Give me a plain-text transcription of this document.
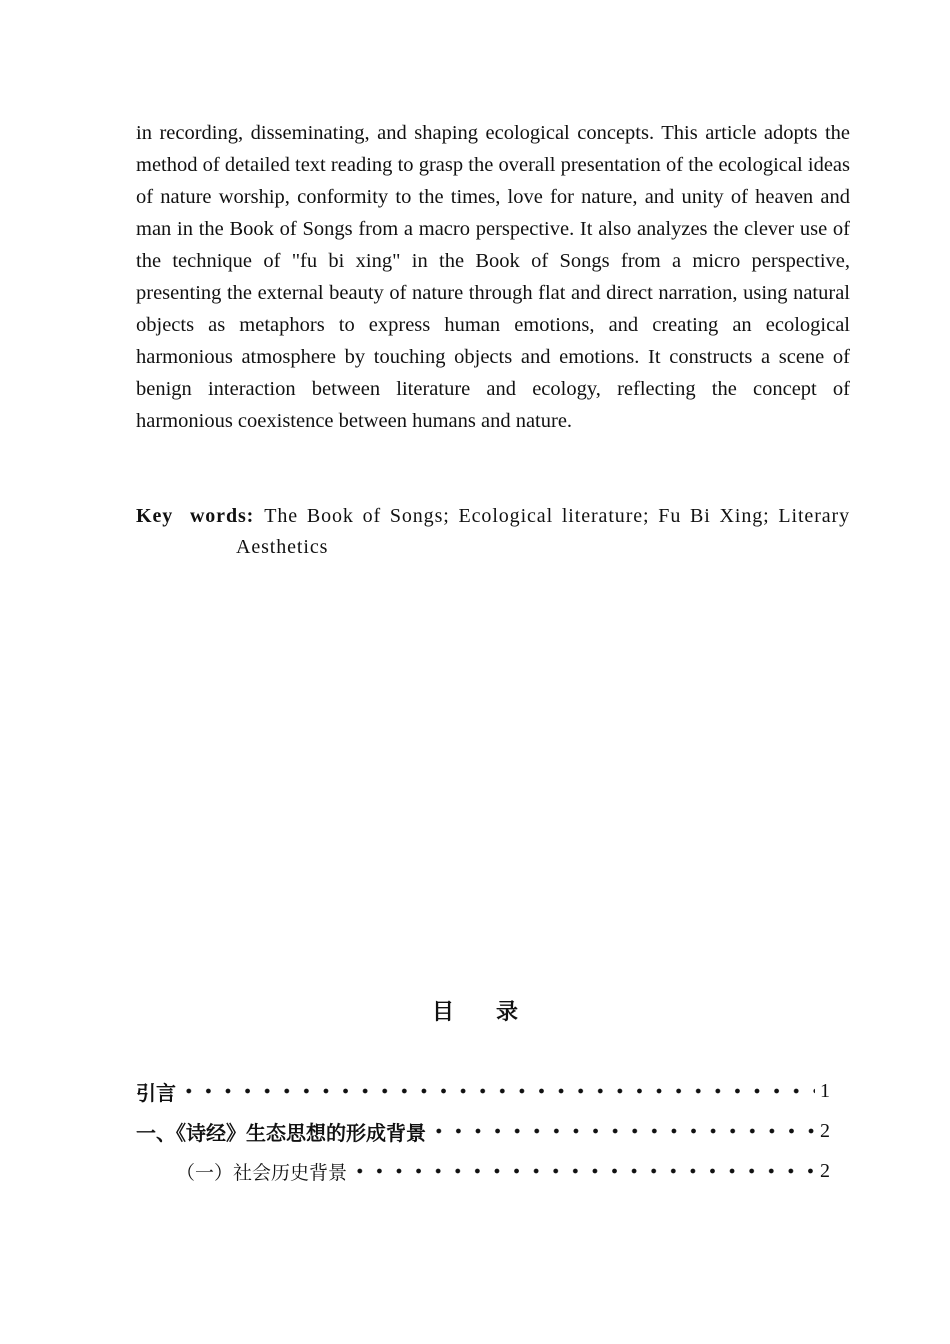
in recording, disseminating, and shaping ecological concepts. This article adopts the method of detailed text reading to grasp the overall presentation of the ecological ideas of nature worship, conformity to the times, love for nature, and unity of heaven and man in the Book of Songs from a macro perspective. It also analyzes the clever use of the technique of "fu bi xing" in the Book of Songs from a micro perspective, presenting the external beauty of nature through flat and direct narration, using natural objects as metaphors to express human emotions, and creating an ecological harmonious atmosphere by touching objects and emotions. It constructs a scene of benign interaction between literature and ecology, reflecting the concept of harmonious coexistence between humans and nature.

Key words: The Book of Songs; Ecological literature; Fu Bi Xing; Literary Aesthetics

目录
引言	1
一、《诗经》生态思想的形成背景	2
（一）社会历史背景	2
